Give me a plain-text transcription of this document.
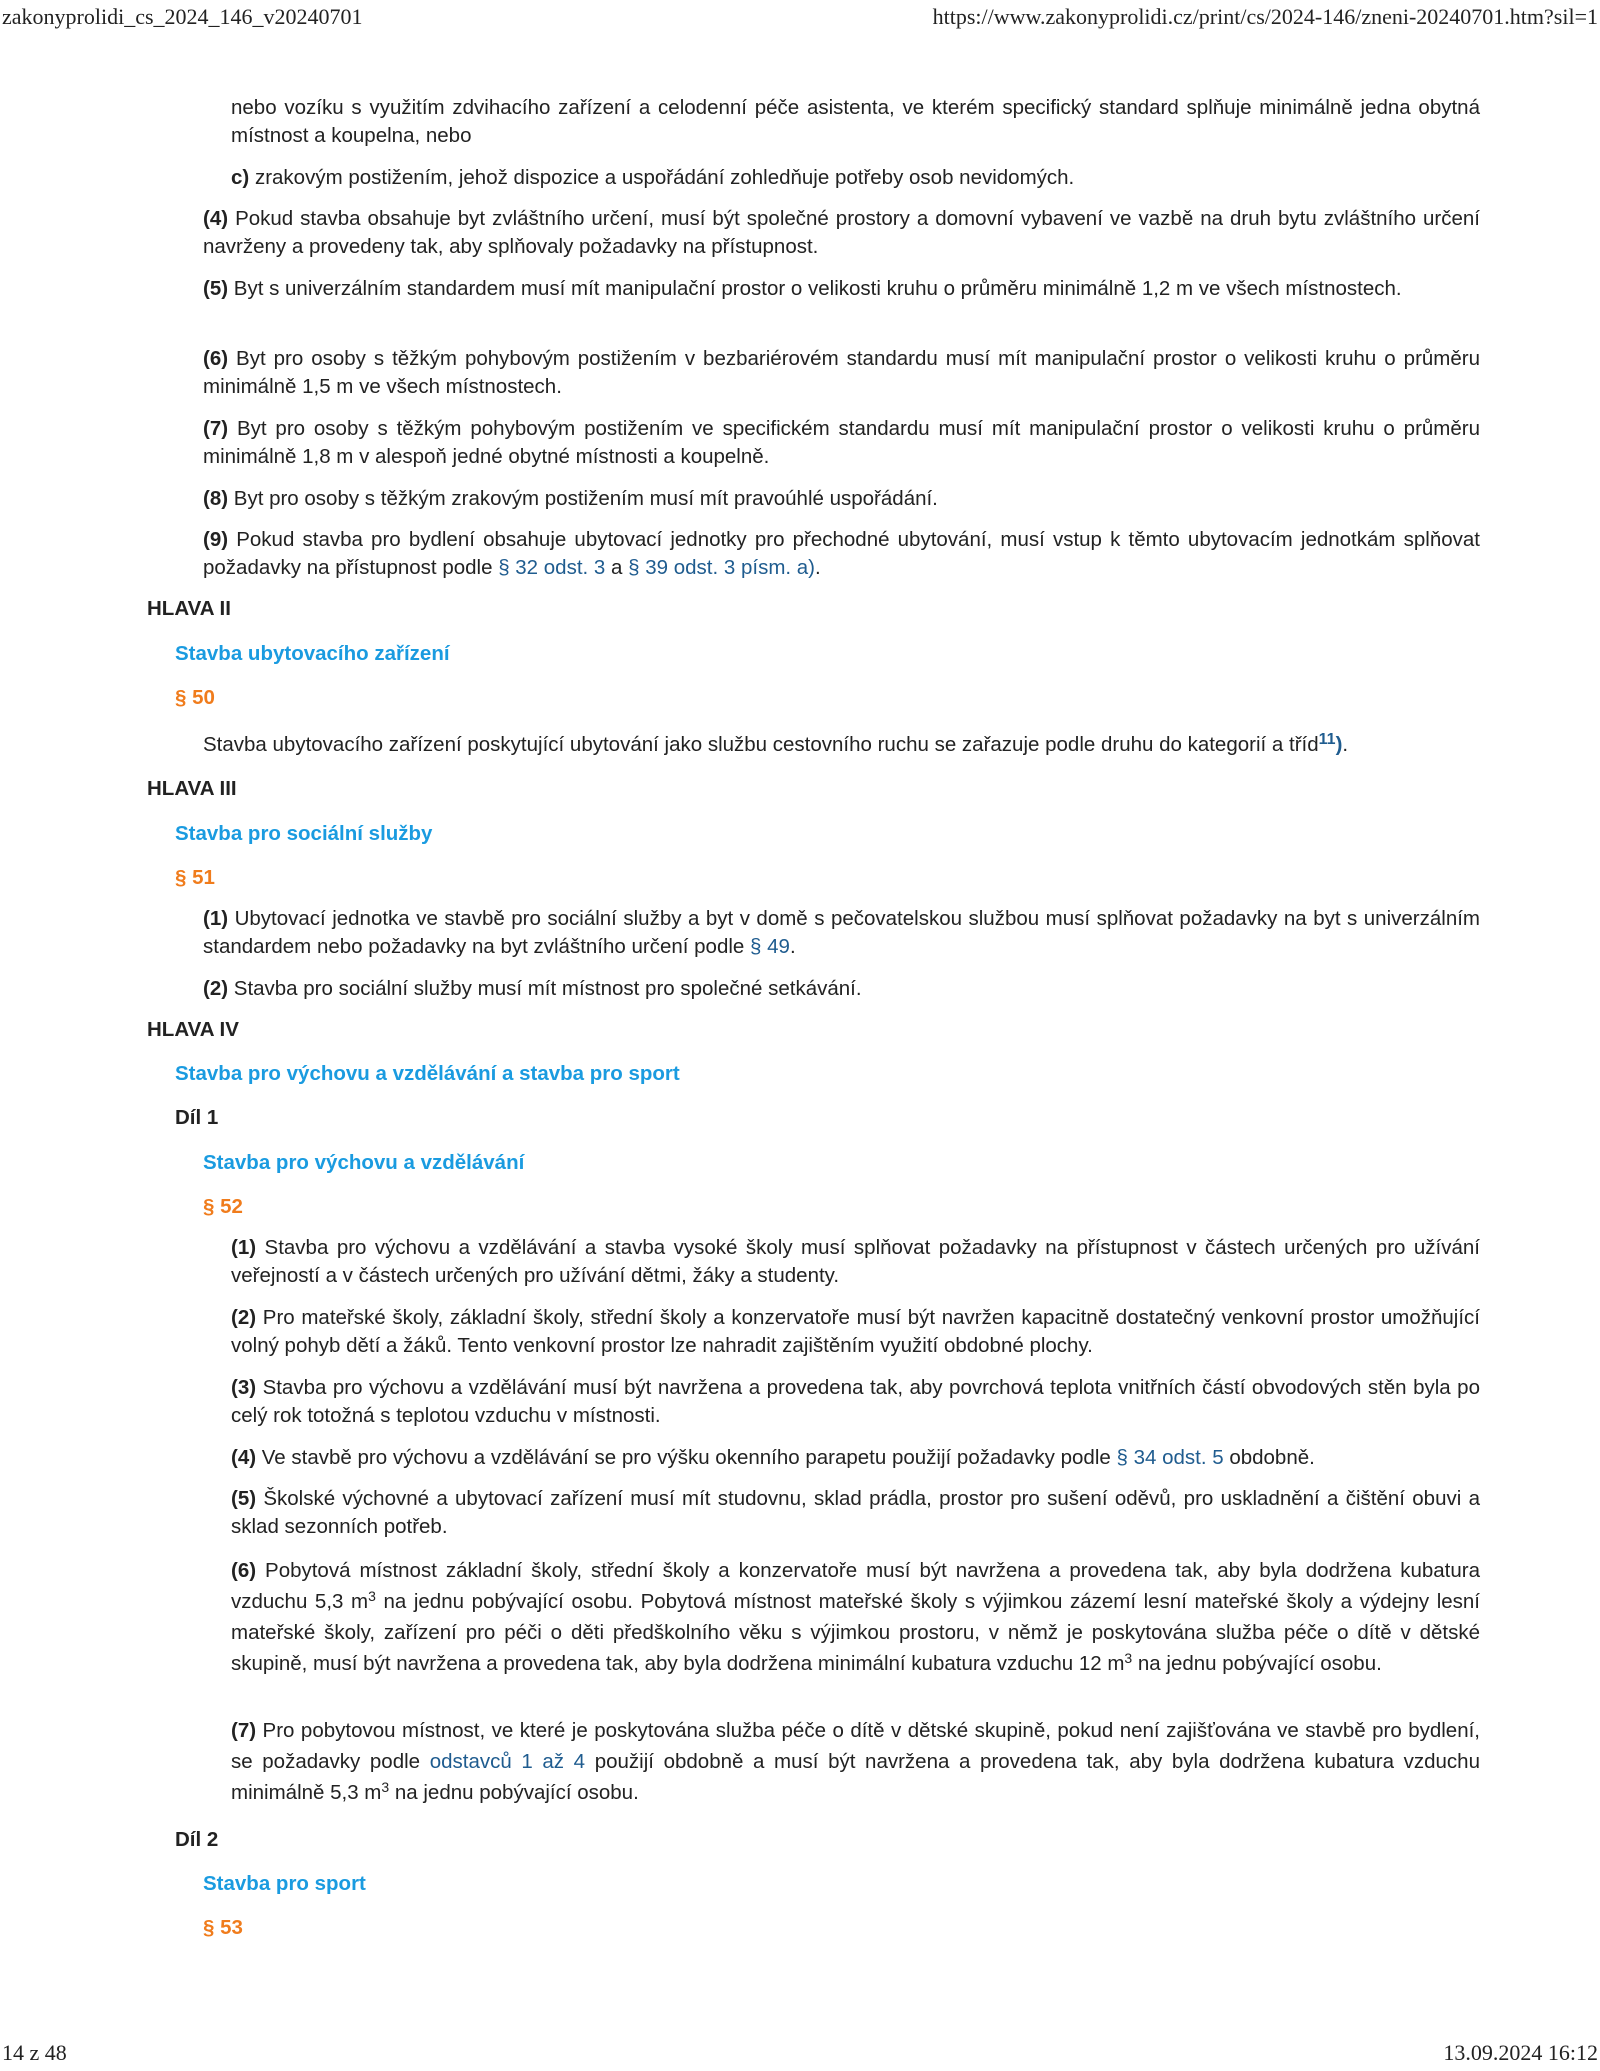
zakonyprolidi_cs_2024_146_v20240701	https://www.zakonyprolidi.cz/print/cs/2024-146/zneni-20240701.htm?sil=1
14 z 48	13.09.2024 16:12

nebo vozíku s využitím zdvihacího zařízení a celodenní péče asistenta, ve kterém specifický standard splňuje minimálně jedna obytná místnost a koupelna, nebo

c) zrakovým postižením, jehož dispozice a uspořádání zohledňuje potřeby osob nevidomých.

(4) Pokud stavba obsahuje byt zvláštního určení, musí být společné prostory a domovní vybavení ve vazbě na druh bytu zvláštního určení navrženy a provedeny tak, aby splňovaly požadavky na přístupnost.

(5) Byt s univerzálním standardem musí mít manipulační prostor o velikosti kruhu o průměru minimálně 1,2 m ve všech místnostech.

(6) Byt pro osoby s těžkým pohybovým postižením v bezbariérovém standardu musí mít manipulační prostor o velikosti kruhu o průměru minimálně 1,5 m ve všech místnostech.

(7) Byt pro osoby s těžkým pohybovým postižením ve specifickém standardu musí mít manipulační prostor o velikosti kruhu o průměru minimálně 1,8 m v alespoň jedné obytné místnosti a koupelně.

(8) Byt pro osoby s těžkým zrakovým postižením musí mít pravoúhlé uspořádání.

(9) Pokud stavba pro bydlení obsahuje ubytovací jednotky pro přechodné ubytování, musí vstup k těmto ubytovacím jednotkám splňovat požadavky na přístupnost podle § 32 odst. 3 a § 39 odst. 3 písm. a).

HLAVA II
Stavba ubytovacího zařízení
§ 50

Stavba ubytovacího zařízení poskytující ubytování jako službu cestovního ruchu se zařazuje podle druhu do kategorií a tříd$^{11}$).

HLAVA III
Stavba pro sociální služby
§ 51

(1) Ubytovací jednotka ve stavbě pro sociální služby a byt v domě s pečovatelskou službou musí splňovat požadavky na byt s univerzálním standardem nebo požadavky na byt zvláštního určení podle § 49.

(2) Stavba pro sociální služby musí mít místnost pro společné setkávání.

HLAVA IV
Stavba pro výchovu a vzdělávání a stavba pro sport
Díl 1
Stavba pro výchovu a vzdělávání
§ 52

(1) Stavba pro výchovu a vzdělávání a stavba vysoké školy musí splňovat požadavky na přístupnost v částech určených pro užívání veřejností a v částech určených pro užívání dětmi, žáky a studenty.

(2) Pro mateřské školy, základní školy, střední školy a konzervatoře musí být navržen kapacitně dostatečný venkovní prostor umožňující volný pohyb dětí a žáků. Tento venkovní prostor lze nahradit zajištěním využití obdobné plochy.

(3) Stavba pro výchovu a vzdělávání musí být navržena a provedena tak, aby povrchová teplota vnitřních částí obvodových stěn byla po celý rok totožná s teplotou vzduchu v místnosti.

(4) Ve stavbě pro výchovu a vzdělávání se pro výšku okenního parapetu použijí požadavky podle § 34 odst. 5 obdobně.

(5) Školské výchovné a ubytovací zařízení musí mít studovnu, sklad prádla, prostor pro sušení oděvů, pro uskladnění a čištění obuvi a sklad sezonních potřeb.

(6) Pobytová místnost základní školy, střední školy a konzervatoře musí být navržena a provedena tak, aby byla dodržena kubatura vzduchu 5,3 $m^3$ na jednu pobývající osobu. Pobytová místnost mateřské školy s výjimkou zázemí lesní mateřské školy a výdejny lesní mateřské školy, zařízení pro péči o děti předškolního věku s výjimkou prostoru, v němž je poskytována služba péče o dítě v dětské skupině, musí být navržena a provedena tak, aby byla dodržena minimální kubatura vzduchu 12 $m^3$ na jednu pobývající osobu.

(7) Pro pobytovou místnost, ve které je poskytována služba péče o dítě v dětské skupině, pokud není zajišťována ve stavbě pro bydlení, se požadavky podle odstavců 1 až 4 použijí obdobně a musí být navržena a provedena tak, aby byla dodržena kubatura vzduchu minimálně 5,3 $m^3$ na jednu pobývající osobu.

Díl 2
Stavba pro sport
§ 53
